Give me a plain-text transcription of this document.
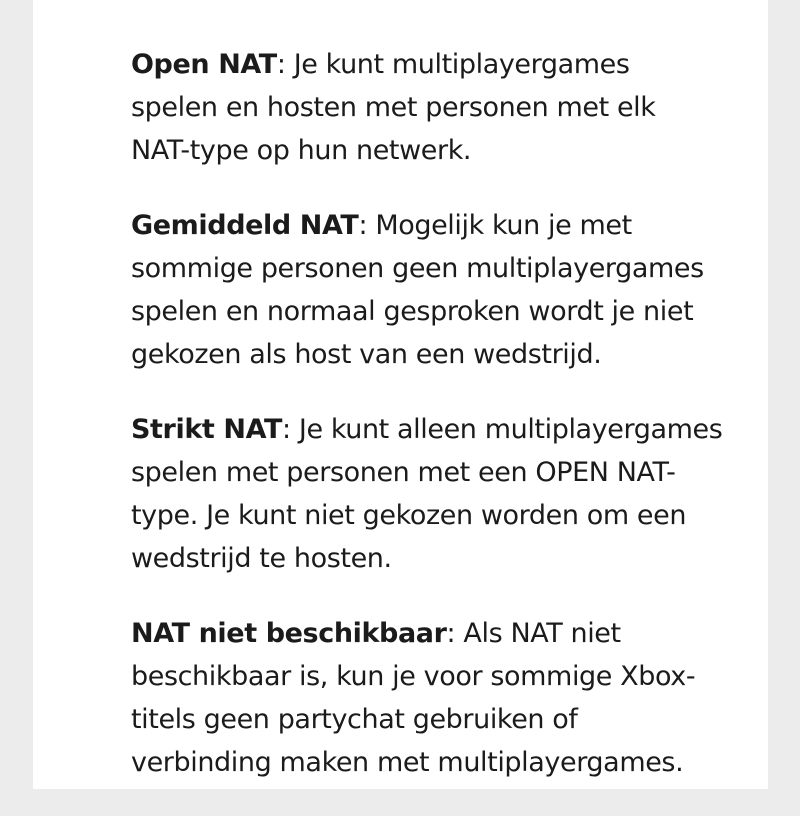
Open NAT: Je kunt multiplayergames
spelen en hosten met personen met elk
NAT-type op hun netwerk.

Gemiddeld NAT: Mogelijk kun je met
sommige personen geen multiplayergames
spelen en normaal gesproken wordt je niet
gekozen als host van een wedstrijd.

Strikt NAT: Je kunt alleen multiplayergames
spelen met personen met een OPEN NAT-
type. Je kunt niet gekozen worden om een
wedstrijd te hosten.

NAT niet beschikbaar: Als NAT niet
beschikbaar is, kun je voor sommige Xbox-
titels geen partychat gebruiken of
verbinding maken met multiplayergames.
